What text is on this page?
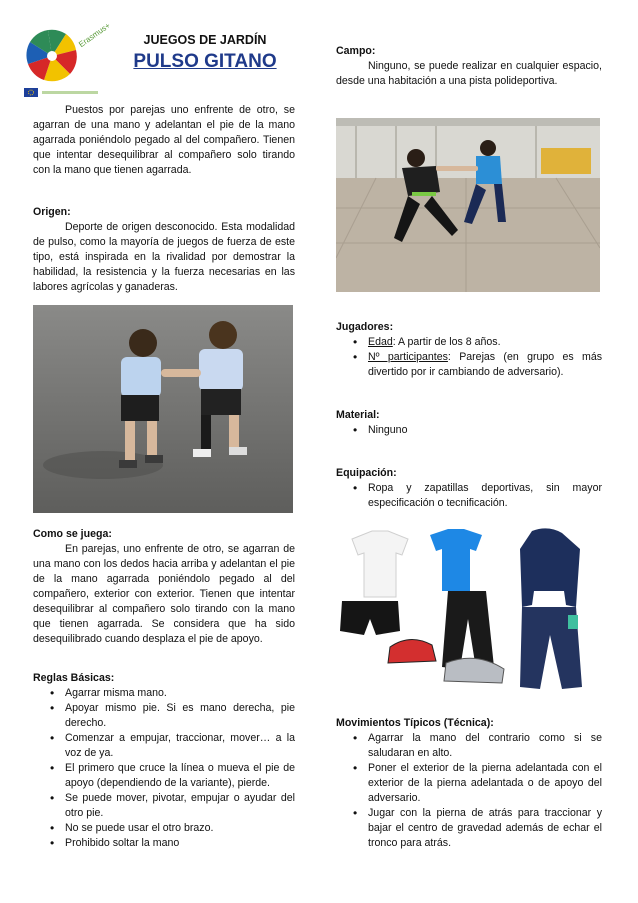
Erasmus+	JUEGOS DE JARDÍN
PULSO GITANO
Puestos por parejas uno enfrente de otro, se agarran de una mano y adelantan el pie de la mano agarrada poniéndolo pegado al del compañero. Tienen que intentar desequilibrar al compañero solo tirando con la mano que tienen agarrada.
Origen:
Deporte de origen desconocido. Esta modalidad de pulso, como la mayoría de juegos de fuerza de este tipo, está inspirada en la rivalidad por demostrar la habilidad, la resistencia y la fuerza necesarias en las labores agrícolas y ganaderas.
Como se juega:
En parejas, uno enfrente de otro, se agarran de una mano con los dedos hacia arriba y adelantan el pie de la mano agarrada poniéndolo pegado al del compañero, exterior con exterior. Tienen que intentar desequilibrar al compañero solo tirando con la mano que tienen agarrada. Se considera que ha sido desequilibrado cuando desplaza el pie de apoyo.
Reglas Básicas:
• Agarrar misma mano.
• Apoyar mismo pie. Si es mano derecha, pie derecho.
• Comenzar a empujar, traccionar, mover… a la voz de ya.
• El primero que cruce la línea o mueva el pie de apoyo (dependiendo de la variante), pierde.
• Se puede mover, pivotar, empujar o ayudar del otro pie.
• No se puede usar el otro brazo.
• Prohibido soltar la mano
Campo:
Ninguno, se puede realizar en cualquier espacio, desde una habitación a una pista polideportiva.
Jugadores:
• Edad: A partir de los 8 años.
• Nº participantes: Parejas (en grupo es más divertido por ir cambiando de adversario).
Material:
• Ninguno
Equipación:
• Ropa y zapatillas deportivas, sin mayor especificación o tecnificación.
Movimientos Típicos (Técnica):
• Agarrar la mano del contrario como si se saludaran en alto.
• Poner el exterior de la pierna adelantada con el exterior de la pierna adelantada o de apoyo del adversario.
• Jugar con la pierna de atrás para traccionar y bajar el centro de gravedad además de echar el tronco para atrás.
